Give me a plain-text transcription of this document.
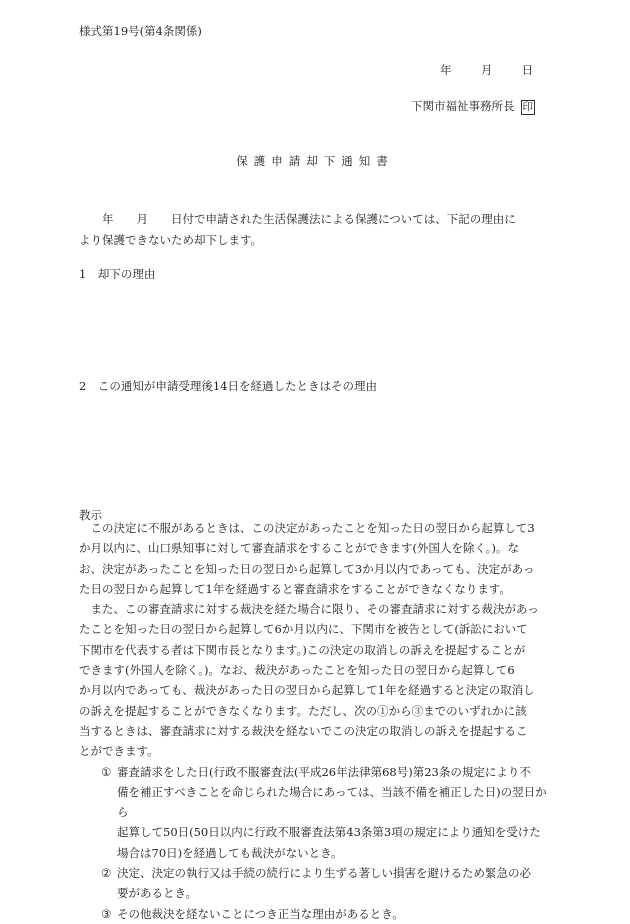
様式第19号(第4条関係)
年	月	日
下関市福祉事務所長 印
保護申請却下通知書

　　年　　月　　日付で申請された生活保護法による保護については、下記の理由に

より保護できないため却下します。

1　却下の理由
2　この通知が申請受理後14日を経過したときはその理由
教示

この決定に不服があるときは、この決定があったことを知った日の翌日から起算して3

か月以内に、山口県知事に対して審査請求をすることができます(外国人を除く。)。な

お、決定があったことを知った日の翌日から起算して3か月以内であっても、決定があっ

た日の翌日から起算して1年を経過すると審査請求をすることができなくなります。

また、この審査請求に対する裁決を経た場合に限り、その審査請求に対する裁決があっ

たことを知った日の翌日から起算して6か月以内に、下関市を被告として(訴訟において

下関市を代表する者は下関市長となります。)この決定の取消しの訴えを提起することが

できます(外国人を除く。)。なお、裁決があったことを知った日の翌日から起算して6

か月以内であっても、裁決があった日の翌日から起算して1年を経過すると決定の取消し

の訴えを提起することができなくなります。ただし、次の①から③までのいずれかに該

当するときは、審査請求に対する裁決を経ないでこの決定の取消しの訴えを提起するこ

とができます。

① 審査請求をした日(行政不服審査法(平成26年法律第68号)第23条の規定により不

備を補正すべきことを命じられた場合にあっては、当該不備を補正した日)の翌日から

起算して50日(50日以内に行政不服審査法第43条第3項の規定により通知を受けた

場合は70日)を経過しても裁決がないとき。

② 決定、決定の執行又は手続の続行により生ずる著しい損害を避けるため緊急の必

要があるとき。

③ その他裁決を経ないことにつき正当な理由があるとき。
